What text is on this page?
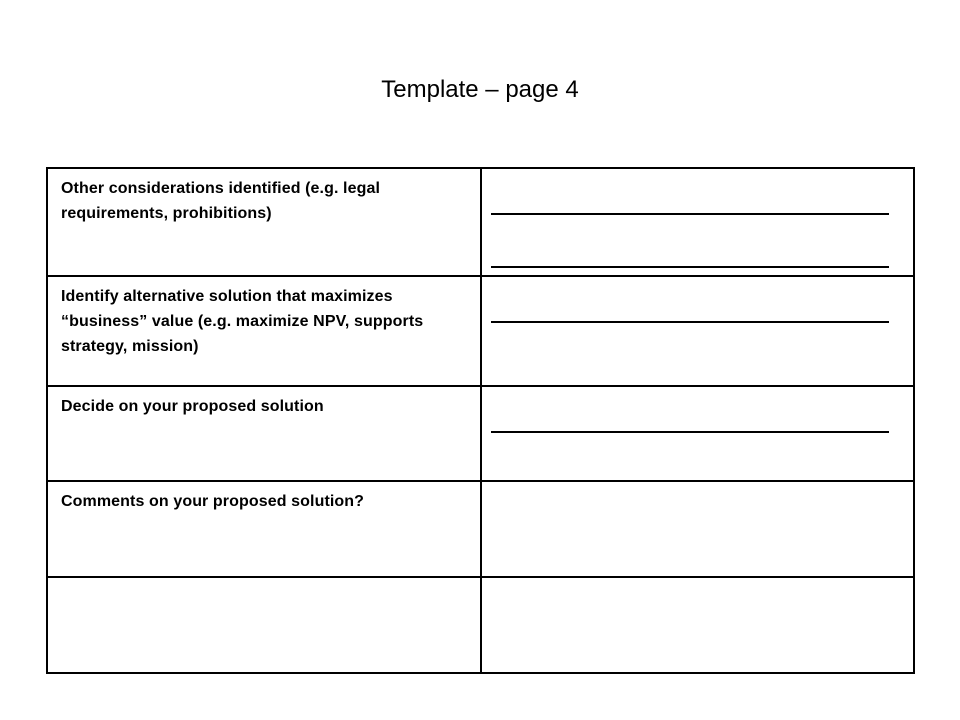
Template – page 4
Other considerations identified (e.g. legal requirements, prohibitions)	

Identify alternative solution that maximizes “business” value (e.g. maximize NPV, supports strategy, mission)	

Decide on your proposed solution	

Comments on your proposed solution?	
